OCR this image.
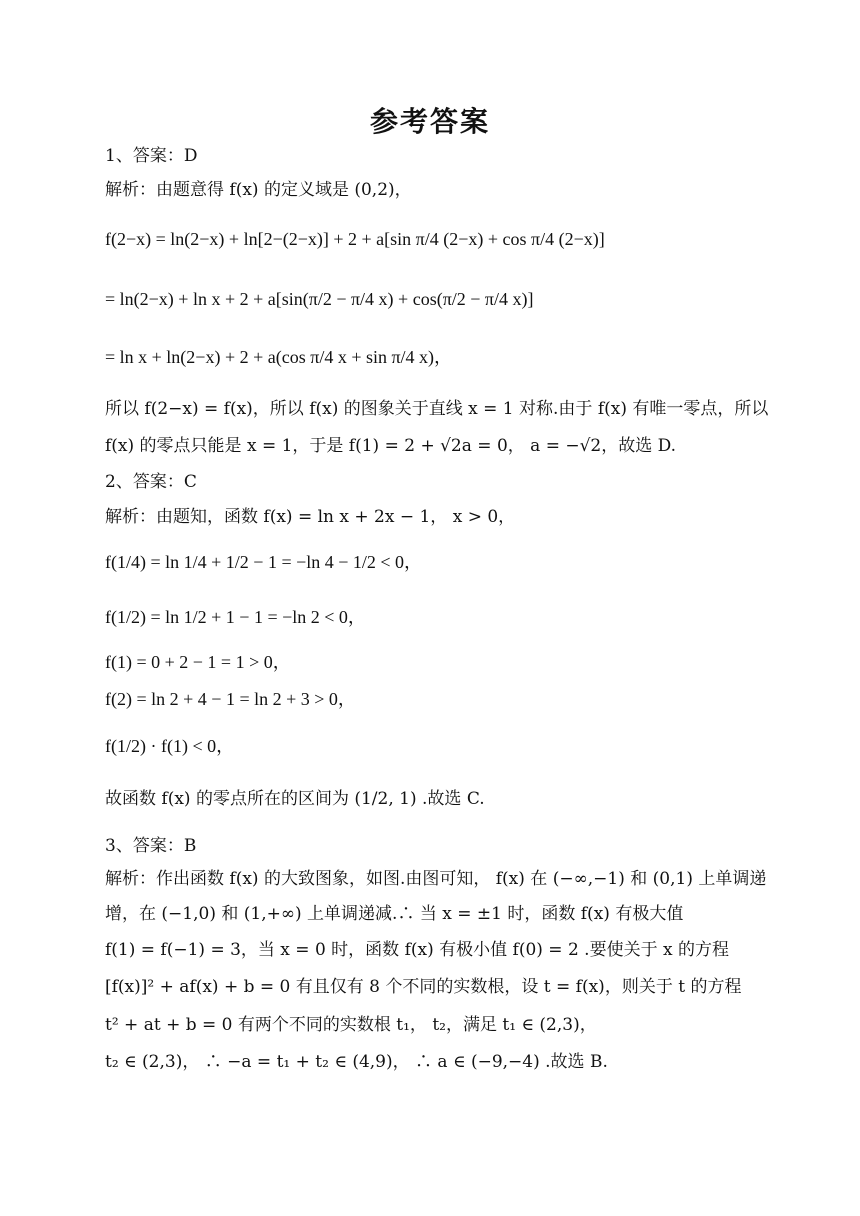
参考答案
1、答案：D
解析：由题意得 f(x) 的定义域是 (0,2)，
f(2−x) = ln(2−x) + ln[2−(2−x)] + 2 + a[sin π/4 (2−x) + cos π/4 (2−x)]
= ln(2−x) + ln x + 2 + a[sin(π/2 − π/4 x) + cos(π/2 − π/4 x)]
= ln x + ln(2−x) + 2 + a(cos π/4 x + sin π/4 x)，
所以 f(2−x) = f(x)，所以 f(x) 的图象关于直线 x = 1 对称.由于 f(x) 有唯一零点，所以
f(x) 的零点只能是 x = 1，于是 f(1) = 2 + √2a = 0， a = −√2，故选 D.
2、答案：C
解析：由题知，函数 f(x) = ln x + 2x − 1， x > 0，
f(1/4) = ln 1/4 + 1/2 − 1 = −ln 4 − 1/2 < 0，
f(1/2) = ln 1/2 + 1 − 1 = −ln 2 < 0，
f(1) = 0 + 2 − 1 = 1 > 0，
f(2) = ln 2 + 4 − 1 = ln 2 + 3 > 0，
f(1/2) · f(1) < 0，
故函数 f(x) 的零点所在的区间为 (1/2, 1) .故选 C.
3、答案：B
解析：作出函数 f(x) 的大致图象，如图.由图可知， f(x) 在 (−∞,−1) 和 (0,1) 上单调递
增，在 (−1,0) 和 (1,+∞) 上单调递减.∴ 当 x = ±1 时，函数 f(x) 有极大值
f(1) = f(−1) = 3，当 x = 0 时，函数 f(x) 有极小值 f(0) = 2 .要使关于 x 的方程
[f(x)]² + af(x) + b = 0 有且仅有 8 个不同的实数根，设 t = f(x)，则关于 t 的方程
t² + at + b = 0 有两个不同的实数根 t₁， t₂，满足 t₁ ∈ (2,3)，
t₂ ∈ (2,3)， ∴ −a = t₁ + t₂ ∈ (4,9)， ∴ a ∈ (−9,−4) .故选 B.
